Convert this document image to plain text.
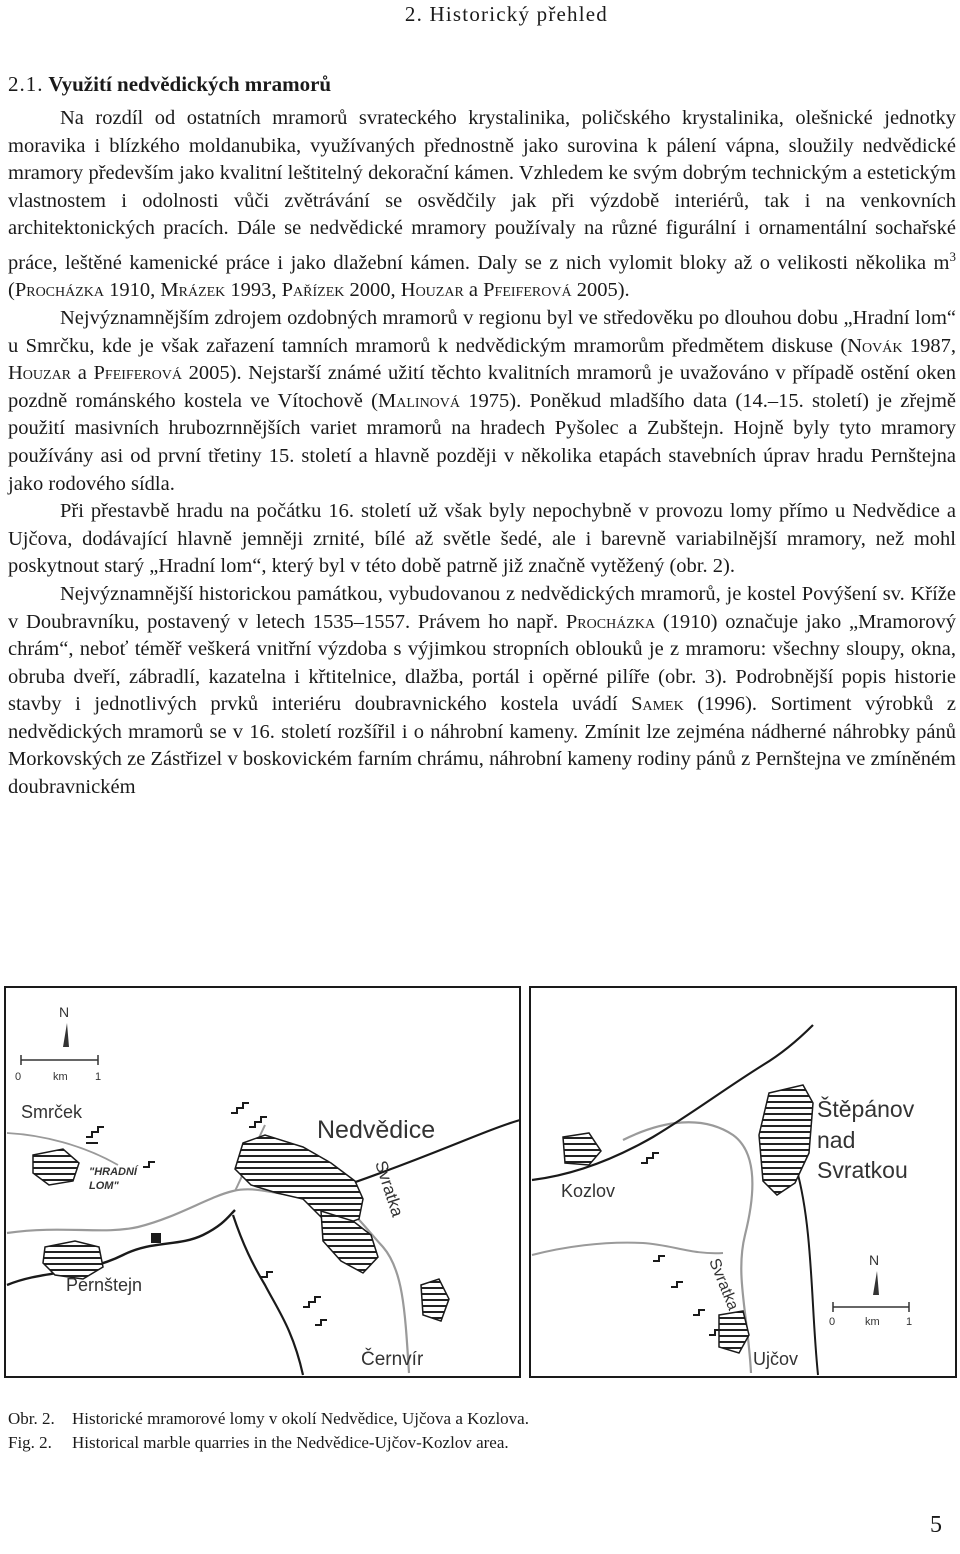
2. Historický přehled
2.1. Využití nedvědických mramorů

Na rozdíl od ostatních mramorů svrateckého krystalinika, poličského krystalinika, olešnické jednotky moravika i blízkého moldanubika, využívaných přednostně jako surovina k pálení vápna, sloužily nedvědické mramory především jako kvalitní leštitelný dekorační kámen. Vzhledem ke svým dobrým technickým a estetickým vlastnostem i odolnosti vůči zvětrávání se osvědčily jak při výzdobě interiérů, tak i na venkovních architektonických pracích. Dále se nedvědické mramory používaly na různé figurální i ornamentální sochařské práce, leštěné kamenické práce i jako dlažební kámen. Daly se z nich vylomit bloky až o velikosti několika $m^3$ (Procházka 1910, Mrázek 1993, Pařízek 2000, Houzar a Pfeiferová 2005).

Nejvýznamnějším zdrojem ozdobných mramorů v regionu byl ve středověku po dlouhou dobu „Hradní lom“ u Smrčku, kde je však zařazení tamních mramorů k nedvědickým mramorům předmětem diskuse (Novák 1987, Houzar a Pfeiferová 2005). Nejstarší známé užití těchto kvalitních mramorů je uvažováno v případě ostění oken pozdně románského kostela ve Vítochově (Malinová 1975). Poněkud mladšího data (14.–15. století) je zřejmě použití masivních hrubozrnnějších variet mramorů na hradech Pyšolec a Zubštejn. Hojně byly tyto mramory používány asi od první třetiny 15. století a hlavně později v několika etapách stavebních úprav hradu Pernštejna jako rodového sídla.

Při přestavbě hradu na počátku 16. století už však byly nepochybně v provozu lomy přímo u Nedvědice a Ujčova, dodávající hlavně jemněji zrnité, bílé až světle šedé, ale i barevně variabilnější mramory, než mohl poskytnout starý „Hradní lom“, který byl v této době patrně již značně vytěžený (obr. 2).

Nejvýznamnější historickou památkou, vybudovanou z nedvědických mramorů, je kostel Povýšení sv. Kříže v Doubravníku, postavený v letech 1535–1557. Právem ho např. Procházka (1910) označuje jako „Mramorový chrám“, neboť téměř veškerá vnitřní výzdoba s výjimkou stropních oblouků je z mramoru: všechny sloupy, okna, obruba dveří, zábradlí, kazatelna i křtitelnice, dlažba, portál i opěrné pilíře (obr. 3). Podrobnější popis historie stavby i jednotlivých prvků interiéru doubravnického kostela uvádí Samek (1996). Sortiment výrobků z nedvědických mramorů se v 16. století rozšířil i o náhrobní kameny. Zmínit lze zejména nádherné náhrobky pánů Morkovských ze Zástřizel v boskovickém farním chrámu, náhrobní kameny rodiny pánů z Pernštejna ve zmíněném doubravnickém

N
0	km 1
Smrček
Nedvědice
"HRADNÍ
LOM"	Svratka
Pernštejn
Černvír
Štěpánov
nad
Svratkou
Kozlov
Svratka	N
0	km 1
Ujčov
Obr. 2. Historické mramorové lomy v okolí Nedvědice, Ujčova a Kozlova.
Fig. 2. Historical marble quarries in the Nedvědice-Ujčov-Kozlov area.
5
